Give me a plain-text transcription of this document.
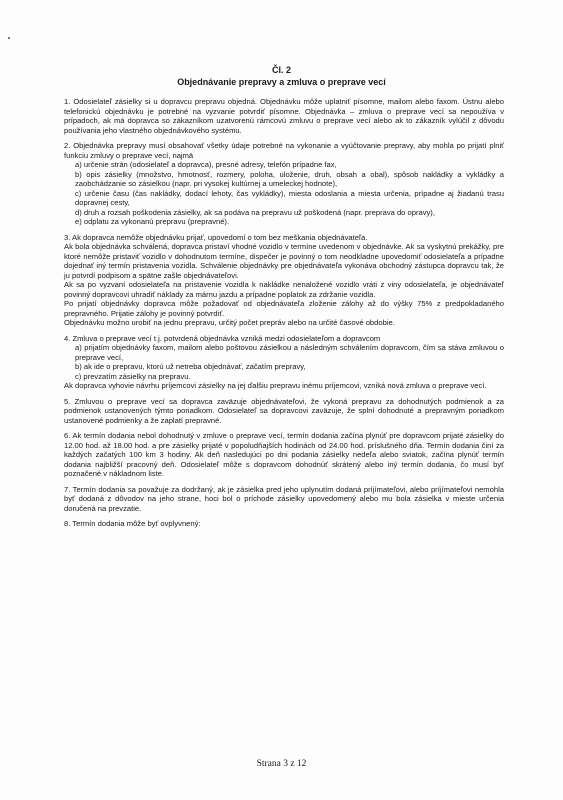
Čl. 2
Objednávanie prepravy a zmluva o preprave vecí

1. Odosielateľ zásielky si u dopravcu prepravu objedná. Objednávku môže uplatniť písomne, mailom alebo faxom. Ústnu alebo telefonickú objednávku je potrebné na vyzvanie potvrdiť písomne. Objednávka – zmluva o preprave vecí sa nepoužíva v prípadoch, ak má dopravca so zákazníkom uzatvorenú rámcovú zmluvu o preprave vecí alebo ak to zákazník vylúčil z dôvodu používania jeho vlastného objednávkového systému.

2. Objednávka prepravy musí obsahovať všetky údaje potrebné na vykonanie a vyúčtovanie prepravy, aby mohla po prijatí plniť funkciu zmluvy o preprave vecí, najmä

a) určenie strán (odosielateľ a dopravca), presné adresy, telefón prípadne fax,

b) opis zásielky (množstvo, hmotnosť, rozmery, poloha, uloženie, druh, obsah a obal), spôsob nakládky a vykládky a zaobchádzanie so zásielkou (napr. pri vysokej kultúrnej a umeleckej hodnote),

c) určenie času (čas nakládky, dodací lehoty, čas vykládky), miesta odoslania a miesta určenia, prípadne aj žiadanú trasu dopravnej cesty,

d) druh a rozsah poškodenia zásielky, ak sa podáva na prepravu už poškodená (napr. preprava do opravy),

e) odplatu za vykonanú prepravu (prepravné).

3. Ak dopravca nemôže objednávku prijať, upovedomí o tom bez meškania objednávateľa.

Ak bola objednávka schválená, dopravca pristaví vhodné vozidlo v termíne uvedenom v objednávke. Ak sa vyskytnú prekážky, pre ktoré nemôže pristaviť vozidlo v dohodnutom termíne, dispečer je povinný o tom neodkladne upovedomiť odosielateľa a prípadne dojednať iný termín pristavenia vozidla. Schválenie objednávky pre objednávateľa vykonáva obchodný zástupca dopravcu tak, že ju potvrdí podpisom a spätne zašle objednávateľovi.

Ak sa po vyzvaní odosielateľa na pristavenie vozidla k nakládke nenaložené vozidlo vráti z viny odosielateľa, je objednávateľ povinný dopravcovi uhradiť náklady za márnu jazdu a prípadne poplatok za zdržanie vozidla.

Po prijatí objednávky dopravca môže požadovať od objednávateľa zloženie zálohy až do výšky 75% z predpokladaného prepravného. Prijatie zálohy je povinný potvrdiť.

Objednávku možno urobiť na jednu prepravu, určitý počet prepráv alebo na určité časové obdobie.

4. Zmluva o preprave vecí t.j. potvrdená objednávka vzniká medzi odosielateľom a dopravcom

a) prijatím objednávky faxom, mailom alebo poštovou zásielkou a následným schválením dopravcom, čím sa stáva zmluvou o preprave vecí,

b) ak ide o prepravu, ktorú už netreba objednávať, začatím prepravy,

c) prevzatím zásielky na prepravu.

Ak dopravca vyhovie návrhu príjemcovi zásielky na jej ďalšiu prepravu inému príjemcovi, vzniká nová zmluva o preprave vecí.

5. Zmluvou o preprave vecí sa dopravca zaväzuje objednávateľovi, že vykoná prepravu za dohodnutých podmienok a za podmienok ustanovených týmto poriadkom. Odosielateľ sa dopravcovi zaväzuje, že splní dohodnuté a prepravným poriadkom ustanovené podmienky a že zaplatí prepravné.

6. Ak termín dodania nebol dohodnutý v zmluve o preprave vecí, termín dodania začína plynúť pre dopravcom prijaté zásielky do 12.00 hod. až 18.00 hod. a pre zásielky prijaté v popoludňajších hodinách od 24.00 hod. príslušného dňa. Termín dodania činí za každých začatých 100 km 3 hodiny. Ak deň nasledujúci po dni podania zásielky nedeľa alebo sviatok, začína plynúť termín dodania najbližší pracovný deň. Odosielateľ môže s dopravcom dohodnúť skrátený alebo iný termín dodania, čo musí byť poznačené v nákladnom liste.

7. Termín dodania sa považuje za dodržaný, ak je zásielka pred jeho uplynutím dodaná príjímateľovi, alebo príjímateľovi nemohla byť dodaná z dôvodov na jeho strane, hoci bol o príchode zásielky upovedomený alebo mu bola zásielka v mieste určenia doručená na prevzatie.

8. Termín dodania môže byť ovplyvnený:

Strana 3 z 12
